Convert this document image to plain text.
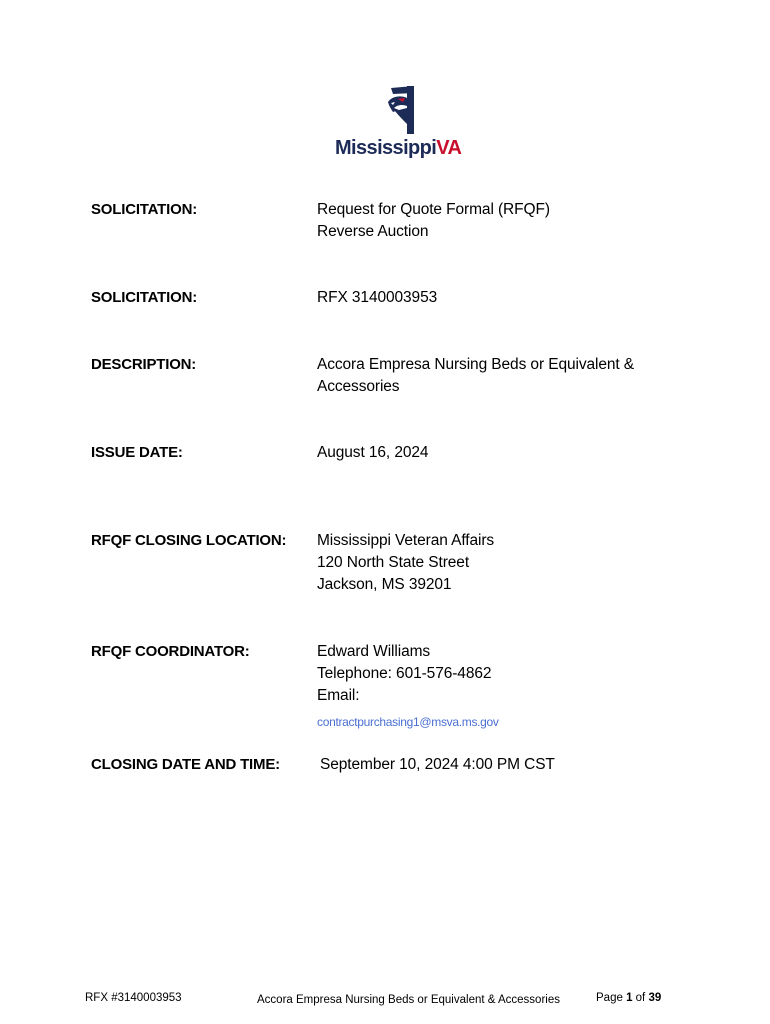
MississippiVA
SOLICITATION:	Request for Quote Formal (RFQF)
Reverse Auction
SOLICITATION:	RFX 3140003953
DESCRIPTION:	Accora Empresa Nursing Beds or Equivalent &
Accessories
ISSUE DATE:	August 16, 2024
RFQF CLOSING LOCATION: Mississippi Veteran Affairs
120 North State Street
Jackson, MS 39201
RFQF COORDINATOR:	Edward Williams
Telephone: 601-576-4862
Email:
contractpurchasing1@msva.ms.gov
CLOSING DATE AND TIME:	September 10, 2024 4:00 PM CST
RFX #3140003953	Accora Empresa Nursing Beds or Equivalent & Accessories	Page 1 of 39
